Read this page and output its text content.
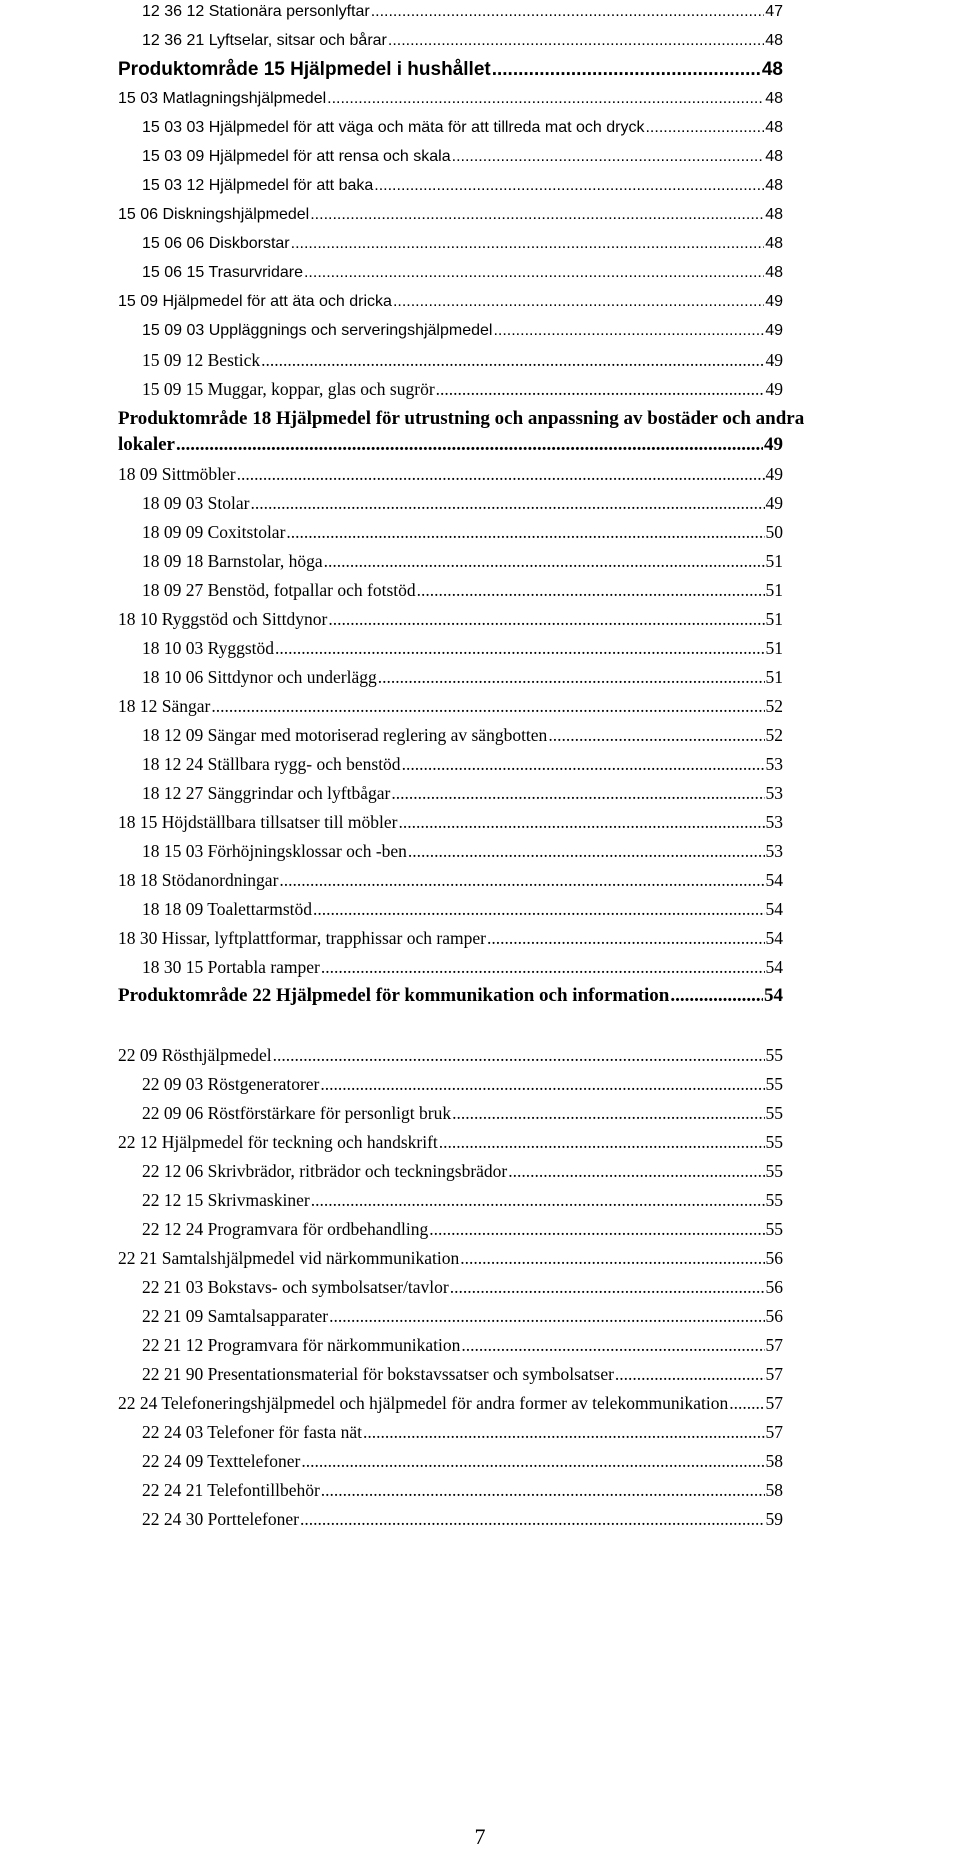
12 36 12 Stationära personlyftar .....	47
12 36 21 Lyftselar, sitsar och bårar .....	48
Produktområde 15 Hjälpmedel i hushållet .....	48
15 03 Matlagningshjälpmedel .....	48
15 03 03 Hjälpmedel för att väga och mäta för att tillreda mat och dryck .....	48
15 03 09 Hjälpmedel för att rensa och skala .....	48
15 03 12 Hjälpmedel för att baka .....	48
15 06 Diskningshjälpmedel .....	48
15 06 06 Diskborstar .....	48
15 06 15 Trasurvridare .....	48
15 09 Hjälpmedel för att äta och dricka .....	49
15 09 03 Uppläggnings och serveringshjälpmedel .....	49
15 09 12 Bestick .....	49
15 09 15 Muggar, koppar, glas och sugrör .....	49
Produktområde 18 Hjälpmedel för utrustning och anpassning av bostäder och andra
lokaler .....	49
18 09 Sittmöbler .....	49
18 09 03 Stolar .....	49
18 09 09 Coxitstolar .....	50
18 09 18 Barnstolar, höga .....	51
18 09 27 Benstöd, fotpallar och fotstöd .....	51
18 10 Ryggstöd och Sittdynor .....	51
18 10 03 Ryggstöd .....	51
18 10 06 Sittdynor och underlägg .....	51
18 12 Sängar .....	52
18 12 09 Sängar med motoriserad reglering av sängbotten .....	52
18 12 24 Ställbara rygg- och benstöd .....	53
18 12 27 Sänggrindar och lyftbågar .....	53
18 15 Höjdställbara tillsatser till möbler .....	53
18 15 03 Förhöjningsklossar och -ben .....	53
18 18 Stödanordningar .....	54
18 18 09 Toalettarmstöd .....	54
18 30 Hissar, lyftplattformar, trapphissar och ramper .....	54
18 30 15 Portabla ramper .....	54
Produktområde 22 Hjälpmedel för kommunikation och information .....	54
22 09 Rösthjälpmedel .....	55
22 09 03 Röstgeneratorer .....	55
22 09 06 Röstförstärkare för personligt bruk .....	55
22 12 Hjälpmedel för teckning och handskrift .....	55
22 12 06 Skrivbrädor, ritbrädor och teckningsbrädor .....	55
22 12 15 Skrivmaskiner .....	55
22 12 24 Programvara för ordbehandling .....	55
22 21 Samtalshjälpmedel vid närkommunikation .....	56
22 21 03 Bokstavs- och symbolsatser/tavlor .....	56
22 21 09 Samtalsapparater .....	56
22 21 12 Programvara för närkommunikation .....	57
22 21 90 Presentationsmaterial för bokstavssatser och symbolsatser .....	57
22 24 Telefoneringshjälpmedel och hjälpmedel för andra former av telekommunikation ..... 57
22 24 03 Telefoner för fasta nät .....	57
22 24 09 Texttelefoner .....	58
22 24 21 Telefontillbehör .....	58
22 24 30 Porttelefoner .....	59
7
